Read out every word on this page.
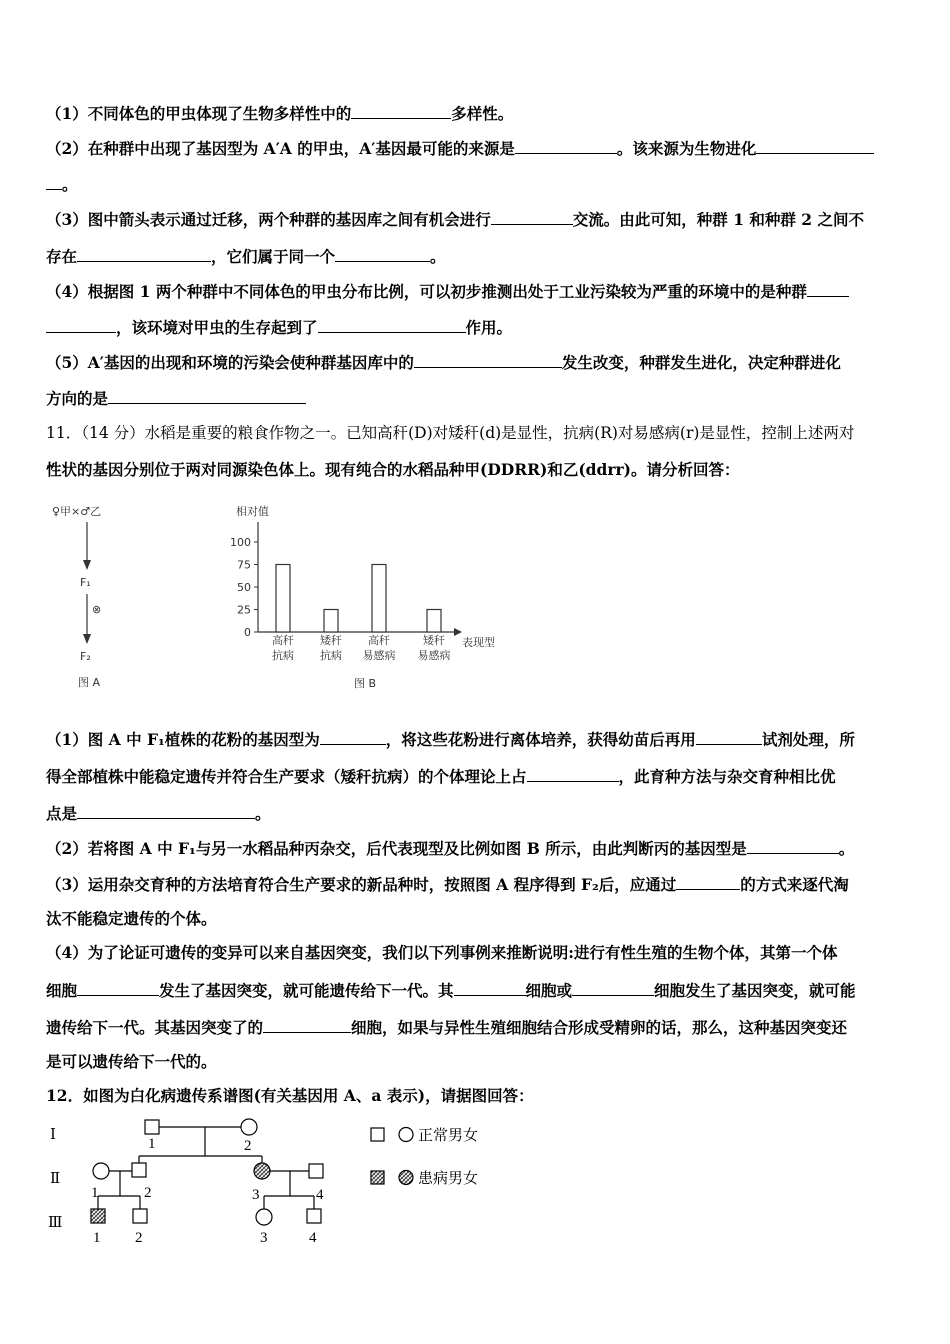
（1）不同体色的甲虫体现了生物多样性中的	多样性。
（2）在种群中出现了基因型为 A′A 的甲虫，A′基因最可能的来源是	。该来源为生物进化
。
（3）图中箭头表示通过迁移，两个种群的基因库之间有机会进行	交流。由此可知，种群 1 和种群 2 之间不
存在	，它们属于同一个	。
（4）根据图 1 两个种群中不同体色的甲虫分布比例，可以初步推测出处于工业污染较为严重的环境中的是种群
，该环境对甲虫的生存起到了	作用。
（5）A′基因的出现和环境的污染会使种群基因库中的	发生改变，种群发生进化，决定种群进化
方向的是
11．（14 分）水稻是重要的粮食作物之一。已知高秆(D)对矮秆(d)是显性，抗病(R)对易感病(r)是显性，控制上述两对
性状的基因分别位于两对同源染色体上。现有纯合的水稻品种甲(DDRR)和乙(ddrr)。请分析回答：
♀甲×♂乙
F₁
⊗
F₂
图 A
相对值
表现型
0
25
50
75
100
高秆
抗病
矮秆
抗病
高秆
易感病
矮秆
易感病
图 B
（1）图 A 中 F₁植株的花粉的基因型为	，将这些花粉进行离体培养，获得幼苗后再用	试剂处理，所
得全部植株中能稳定遗传并符合生产要求（矮秆抗病）的个体理论上占	，此育种方法与杂交育种相比优
点是	。
（2）若将图 A 中 F₁与另一水稻品种丙杂交，后代表现型及比例如图 B 所示，由此判断丙的基因型是	。
（3）运用杂交育种的方法培育符合生产要求的新品种时，按照图 A 程序得到 F₂后，应通过	的方式来逐代淘
汰不能稳定遗传的个体。
（4）为了论证可遗传的变异可以来自基因突变，我们以下列事例来推断说明:进行有性生殖的生物个体，其第一个体
细胞	发生了基因突变，就可能遗传给下一代。其	细胞或	细胞发生了基因突变，就可能
遗传给下一代。其基因突变了的	细胞，如果与异性生殖细胞结合形成受精卵的话，那么，这种基因突变还
是可以遗传给下一代的。
12．如图为白化病遗传系谱图(有关基因用 A、a 表示)，请据图回答：
Ⅰ
Ⅱ
Ⅲ
1	2
1	2	3	4
1 2	3	4
正常男女
患病男女
